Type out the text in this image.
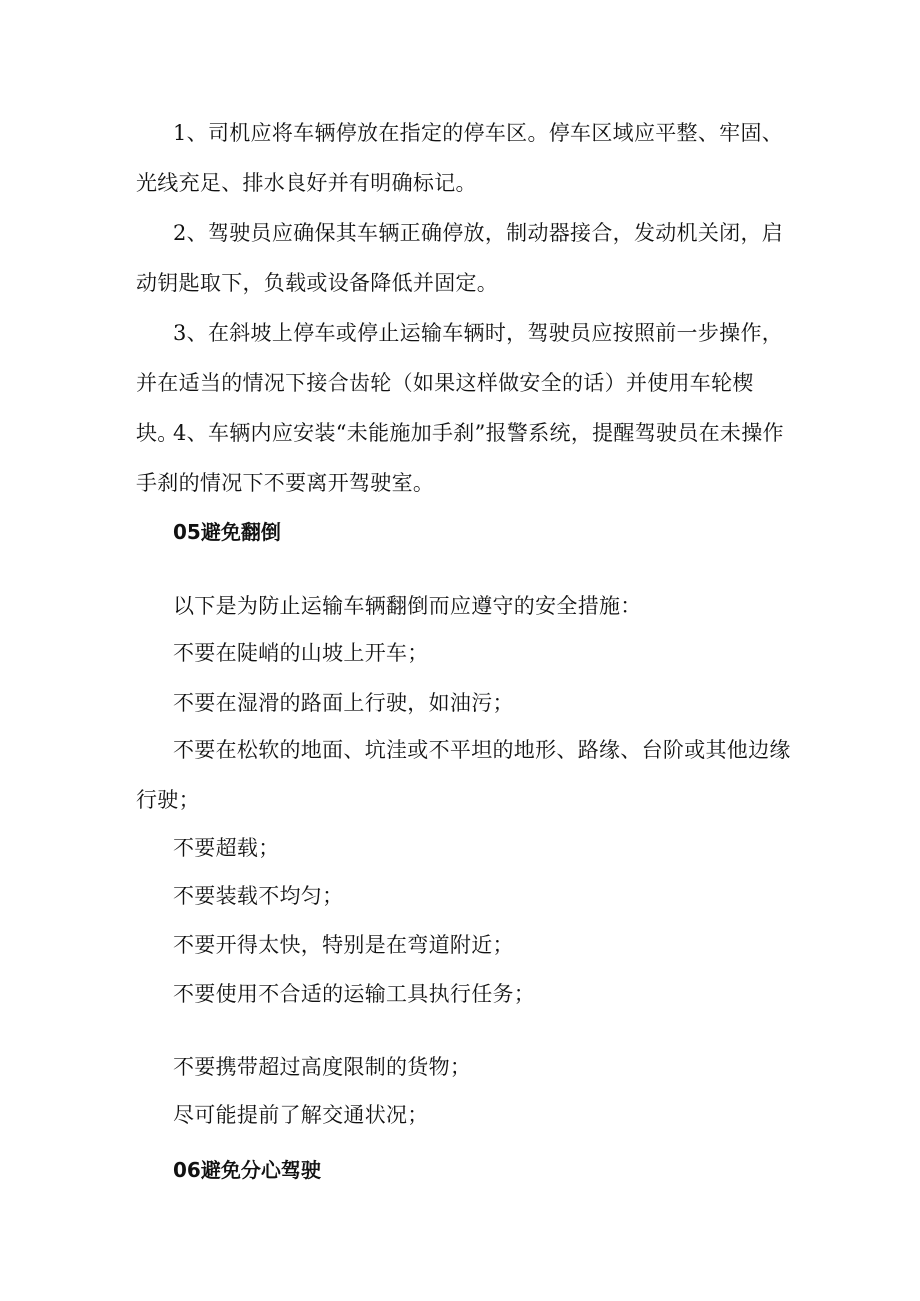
1、司机应将车辆停放在指定的停车区。停车区域应平整、牢固、光线充足、排水良好并有明确标记。

2、驾驶员应确保其车辆正确停放，制动器接合，发动机关闭，启动钥匙取下，负载或设备降低并固定。

3、在斜坡上停车或停止运输车辆时，驾驶员应按照前一步操作，并在适当的情况下接合齿轮（如果这样做安全的话）并使用车轮楔块。

4、车辆内应安装“未能施加手刹”报警系统，提醒驾驶员在未操作手刹的情况下不要离开驾驶室。

05避免翻倒

以下是为防止运输车辆翻倒而应遵守的安全措施：

不要在陡峭的山坡上开车；

不要在湿滑的路面上行驶，如油污；

不要在松软的地面、坑洼或不平坦的地形、路缘、台阶或其他边缘行驶；

不要超载；

不要装载不均匀；

不要开得太快，特别是在弯道附近；

不要使用不合适的运输工具执行任务；

不要携带超过高度限制的货物；

尽可能提前了解交通状况；

06避免分心驾驶
